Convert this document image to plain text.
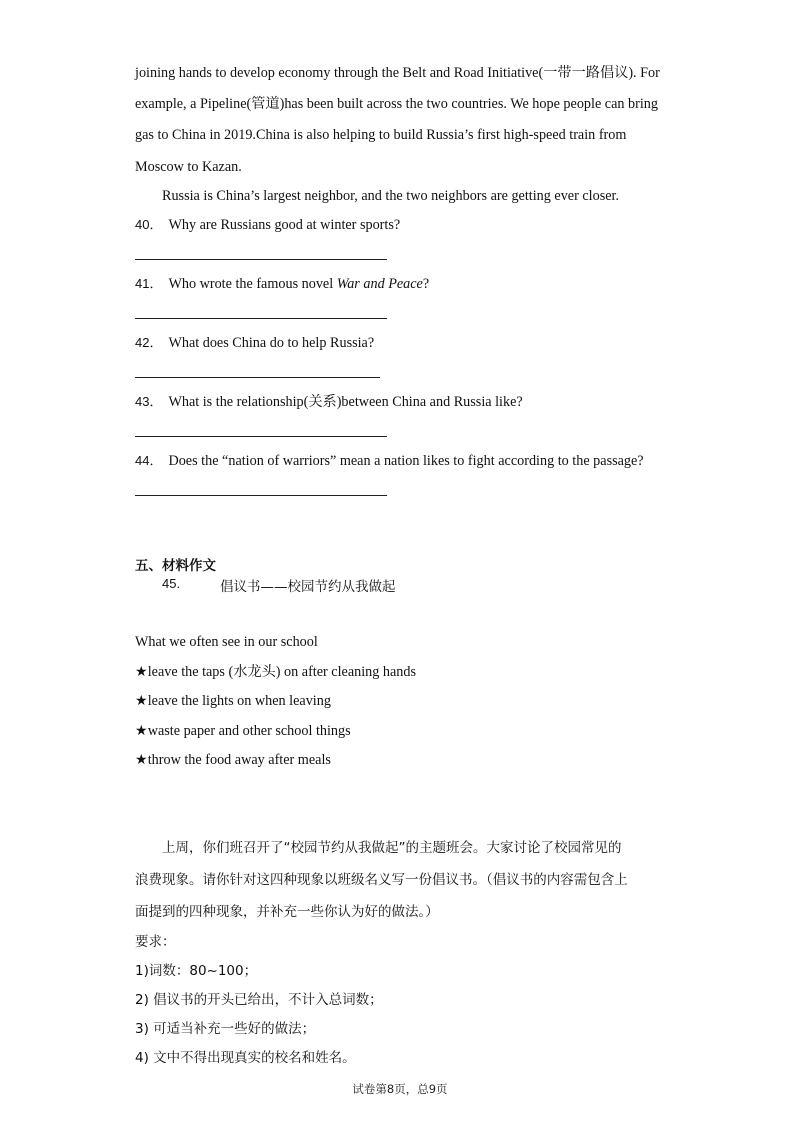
joining hands to develop economy through the Belt and Road Initiative(一带一路倡议). For
example, a Pipeline(管道)has been built across the two countries. We hope people can bring
gas to China in 2019.China is also helping to build Russia’s first high-speed train from
Moscow to Kazan.
Russia is China’s largest neighbor, and the two neighbors are getting ever closer.
40． Why are Russians good at winter sports?
41． Who wrote the famous novel War and Peace?
42． What does China do to help Russia?
43． What is the relationship(关系)between China and Russia like?
44． Does the “nation of warriors” mean a nation likes to fight according to the passage?
五、材料作文
45.	倡议书——校园节约从我做起
What we often see in our school
★leave the taps (水龙头) on after cleaning hands
★leave the lights on when leaving
★waste paper and other school things
★throw the food away after meals
上周，你们班召开了“校园节约从我做起”的主题班会。大家讨论了校园常见的
浪费现象。请你针对这四种现象以班级名义写一份倡议书。（倡议书的内容需包含上
面提到的四种现象，并补充一些你认为好的做法。）
要求：
1)词数：80~100；
2) 倡议书的开头已给出，不计入总词数；
3) 可适当补充一些好的做法；
4) 文中不得出现真实的校名和姓名。
试卷第8页，总9页
